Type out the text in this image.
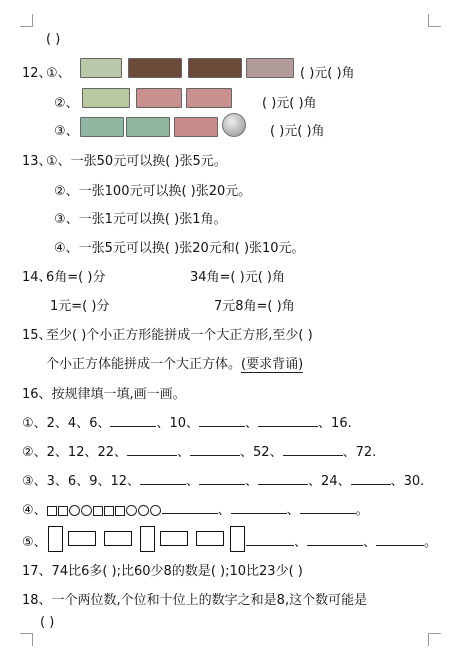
( )
12、
①、	( )元( )角
②、	( )元( )角
③、	( )元( )角
13、
①、一张50元可以换( )张5元。
②、一张100元可以换( )张20元。
③、一张1元可以换( )张1角。
④、一张5元可以换( )张20元和( )张10元。
14、
6角=( )分	34角=( )元( )角
1元=( )分	7元8角=( )角
15、
至少( )个小正方形能拼成一个大正方形,至少( )
个小正方体能拼成一个大正方体。(要求背诵)
16、按规律填一填,画一画。
①、2、4、6、	、10、	、	、16.
②、2、12、22、	、	、52、	、72.
③、3、6、9、12、	、	、	、24、	、30.
④、	、	、	。
⑤、	、	、	。
17、74比6多( );比60少8的数是( );10比23少( )
18、一个两位数,个位和十位上的数字之和是8,这个数可能是
( )
